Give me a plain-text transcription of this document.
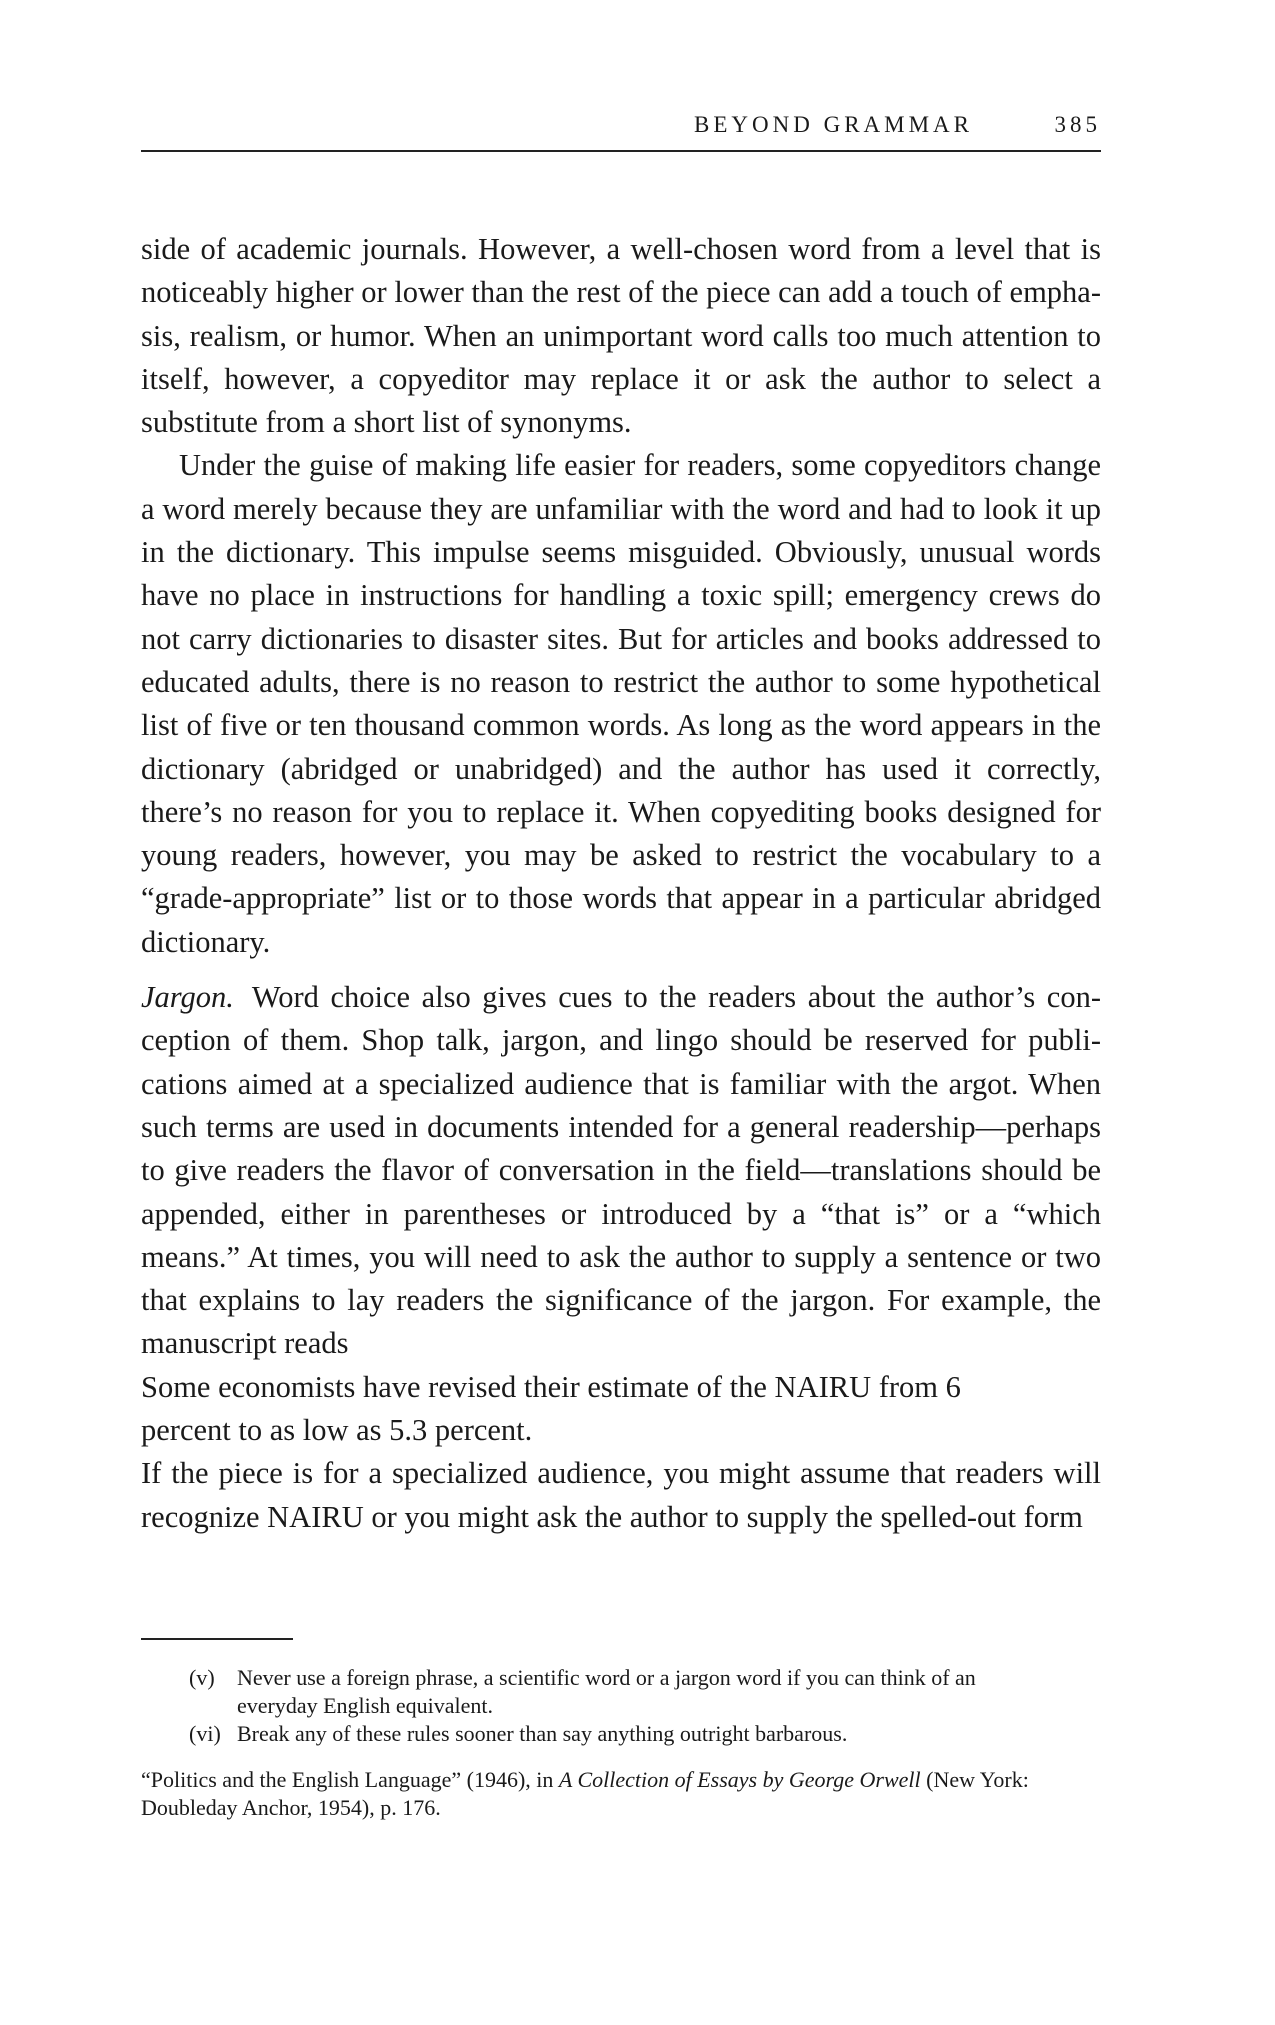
BEYOND GRAMMAR	385

side of academic journals. However, a well-chosen word from a level that is noticeably higher or lower than the rest of the piece can add a touch of emphasis, realism, or humor. When an unimportant word calls too much attention to itself, however, a copyeditor may replace it or ask the author to select a substitute from a short list of synonyms.

Under the guise of making life easier for readers, some copyeditors change a word merely because they are unfamiliar with the word and had to look it up in the dictionary. This impulse seems misguided. Obviously, unusual words have no place in instructions for handling a toxic spill; emergency crews do not carry dictionaries to disaster sites. But for articles and books addressed to educated adults, there is no reason to restrict the author to some hypothetical list of five or ten thousand common words. As long as the word appears in the dictionary (abridged or unabridged) and the author has used it correctly, there’s no reason for you to replace it. When copyediting books designed for young readers, however, you may be asked to restrict the vocabulary to a “grade-appropriate” list or to those words that appear in a particular abridged dictionary.

Jargon. Word choice also gives cues to the readers about the author’s conception of them. Shop talk, jargon, and lingo should be reserved for publications aimed at a specialized audience that is familiar with the argot. When such terms are used in documents intended for a general readership—perhaps to give readers the flavor of conversation in the field—translations should be appended, either in parentheses or introduced by a “that is” or a “which means.” At times, you will need to ask the author to supply a sentence or two that explains to lay readers the significance of the jargon. For example, the manuscript reads

Some economists have revised their estimate of the NAIRU from 6 percent to as low as 5.3 percent.

If the piece is for a specialized audience, you might assume that readers will recognize NAIRU or you might ask the author to supply the spelled-out form

(v)	Never use a foreign phrase, a scientific word or a jargon word if you can think of an everyday English equivalent.
(vi) Break any of these rules sooner than say anything outright barbarous.
“Politics and the English Language” (1946), in A Collection of Essays by George Orwell (New York: Doubleday Anchor, 1954), p. 176.
